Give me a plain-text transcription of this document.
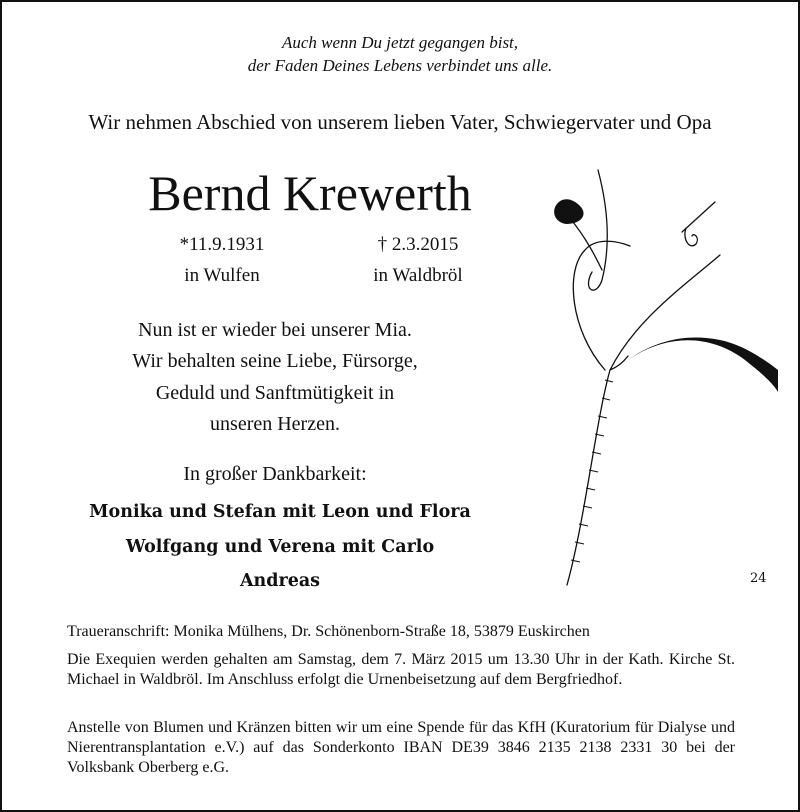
Auch wenn Du jetzt gegangen bist,
der Faden Deines Lebens verbindet uns alle.
Wir nehmen Abschied von unserem lieben Vater, Schwiegervater und Opa
Bernd Krewerth
*11.9.1931	† 2.3.2015
in Wulfen	in Waldbröl
Nun ist er wieder bei unserer Mia.
Wir behalten seine Liebe, Fürsorge,
Geduld und Sanftmütigkeit in
unseren Herzen.
In großer Dankbarkeit:
Monika und Stefan mit Leon und Flora
Wolfgang und Verena mit Carlo
Andreas	24
Traueranschrift: Monika Mülhens, Dr. Schönenborn-Straße 18, 53879 Euskirchen
Die Exequien werden gehalten am Samstag, dem 7. März 2015 um 13.30 Uhr in der Kath. Kirche St. Michael in Waldbröl. Im Anschluss erfolgt die Urnenbeisetzung auf dem Bergfriedhof.
Anstelle von Blumen und Kränzen bitten wir um eine Spende für das KfH (Kuratorium für Dialyse und Nierentransplantation e.V.) auf das Sonderkonto IBAN DE39 3846 2135 2138 2331 30 bei der Volksbank Oberberg e.G.
